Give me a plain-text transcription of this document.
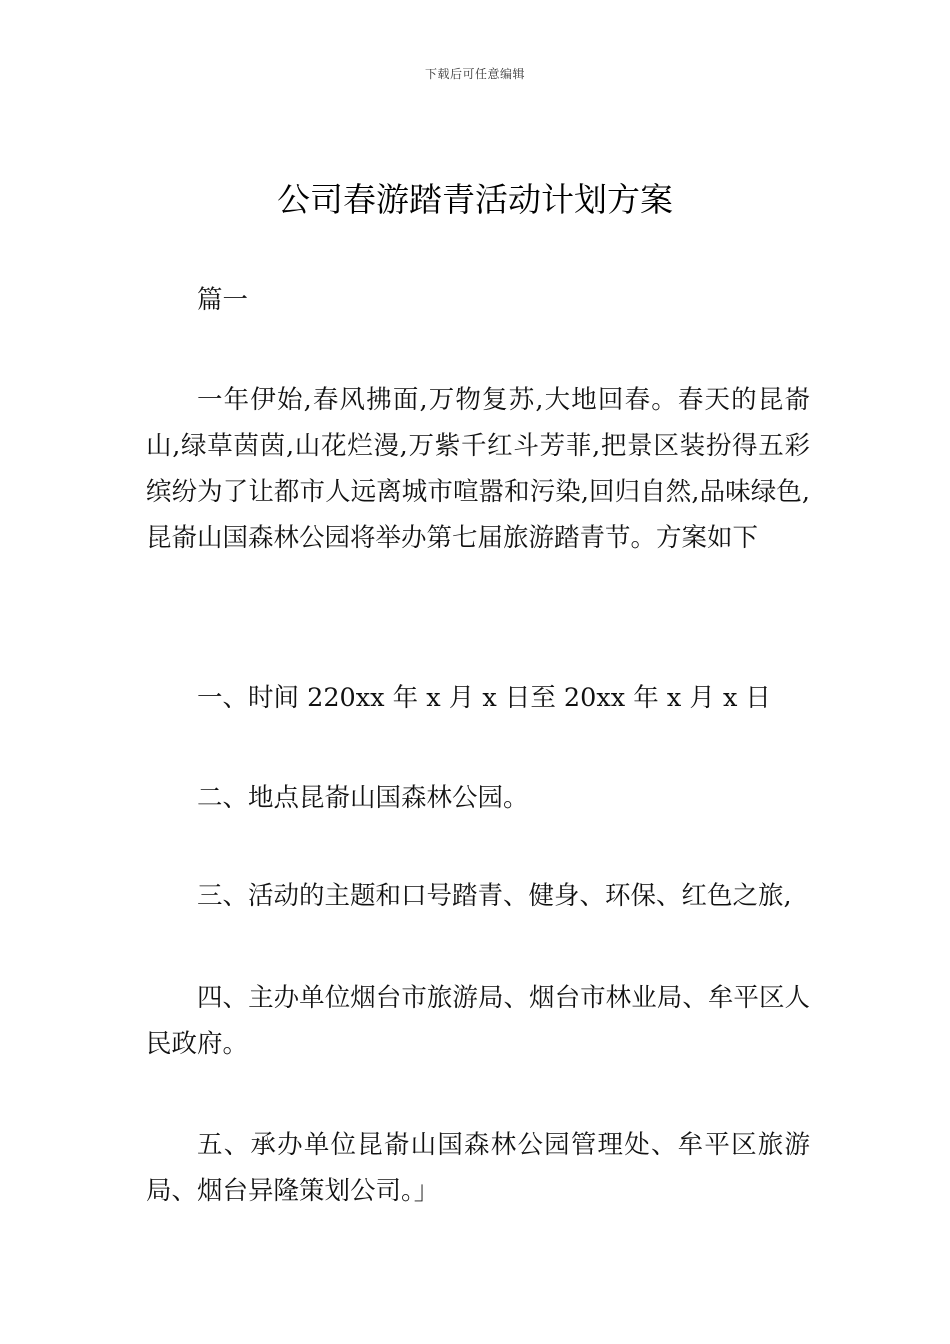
下载后可任意编辑
公司春游踏青活动计划方案

篇一

一年伊始,春风拂面,万物复苏,大地回春。春天的昆嵛山,绿草茵茵,山花烂漫,万紫千红斗芳菲,把景区装扮得五彩缤纷为了让都市人远离城市喧嚣和污染,回归自然,品味绿色,昆嵛山国森林公园将举办第七届旅游踏青节。方案如下

一、时间 220xx 年 x 月 x 日至 20xx 年 x 月 x 日

二、地点昆嵛山国森林公园。

三、活动的主题和口号踏青、健身、环保、红色之旅,

四、主办单位烟台市旅游局、烟台市林业局、牟平区人民政府。

五、承办单位昆嵛山国森林公园管理处、牟平区旅游局、烟台异隆策划公司。」
